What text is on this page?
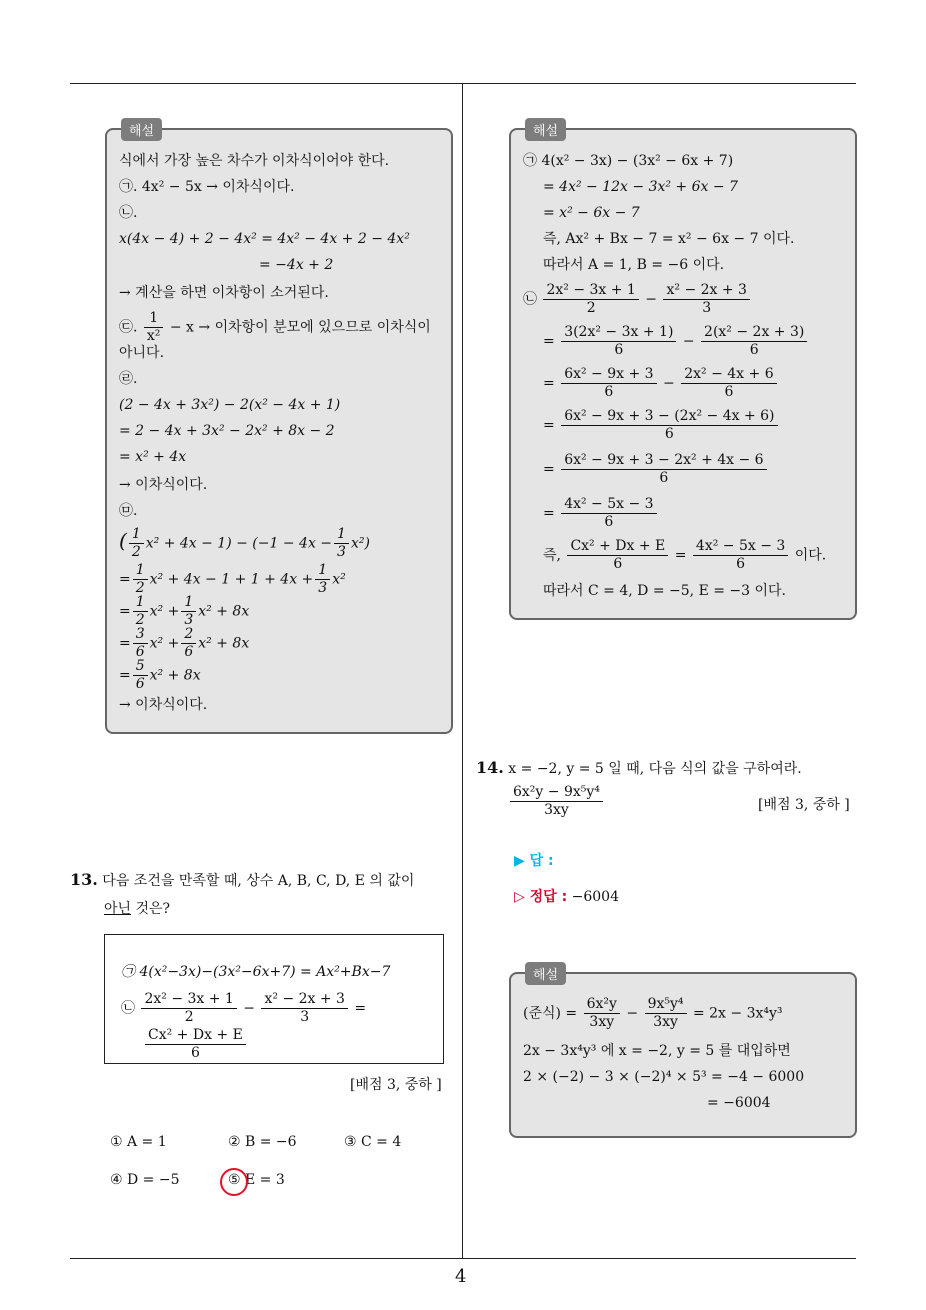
해설
식에서 가장 높은 차수가 이차식이어야 한다.
㉠. 4x² − 5x → 이차식이다.
㉡.
x(4x − 4) + 2 − 4x² = 4x² − 4x + 2 − 4x²
= −4x + 2
→ 계산을 하면 이차항이 소거된다.
㉢. $\frac{1}{\text{x²}} - x$ → 이차항이 분모에 있으므로 이차식이
아니다.
㉣.
(2 − 4x + 3x²) − 2(x² − 4x + 1)
= 2 − 4x + 3x² − 2x² + 8x − 2
= x² + 4x
→ 이차식이다.
㉤.
( $\frac{1}{2} x^2 + 4x - 1) - (-1 - 4x - \frac{1}{3} x^2)$
= $\frac{1}{2} x^2 + 4x - 1 + 1 + 4x + \frac{1}{3} x^2$
= $\frac{1}{2} x^2 + \frac{1}{3} x^2 + 8x$
= $\frac{3}{6} x^2 + \frac{2}{6} x^2 + 8x$
= $\frac{5}{6} x^2 + 8x$
→ 이차식이다.
해설
㉠ 4(x² − 3x) − (3x² − 6x + 7)
= 4x² − 12x − 3x² + 6x − 7
= x² − 6x − 7
즉, Ax² + Bx − 7 = x² − 6x − 7 이다.
따라서 A = 1, B = −6 이다.
㉡ $\frac{\text{2x² − 3x + 1}}{2} - \frac{\text{x² − 2x + 3}}{3}$
= $\frac{\text{3(2x² − 3x + 1)}}{6} - \frac{\text{2(x² − 2x + 3)}}{6}$
= $\frac{\text{6x² − 9x + 3}}{6} - \frac{\text{2x² − 4x + 6}}{6}$
= $\frac{\text{6x² − 9x + 3 − (2x² − 4x + 6)}}{6}$
= $\frac{\text{6x² − 9x + 3 − 2x² + 4x − 6}}{6}$
= $\frac{\text{4x² − 5x − 3}}{6}$
즉, $\frac{\text{Cx² + Dx + E}}{6} = \frac{\text{4x² − 5x − 3}}{6}$ 이다.
따라서 C = 4, D = −5, E = −3 이다.
13. 다음 조건을 만족할 때, 상수 A, B, C, D, E 의 값이
아닌 것은?
㉠ 4(x²−3x)−(3x²−6x+7) = Ax²+Bx−7
㉡ $\frac{\text{2x² − 3x + 1}}{2} - \frac{\text{x² − 2x + 3}}{3}$ =
$\frac{\text{Cx² + Dx + E}}{6}$
[배점 3, 중하 ]
① A = 1	② B = −6	③ C = 4
④ D = −5	⑤ E = 3
14. x = −2, y = 5 일 때, 다음 식의 값을 구하여라.
$\frac{\text{6x²y − 9x⁵y⁴}}{3xy}$	[배점 3, 중하 ]
▶ 답 :
▷ 정답 : −6004
해설
(준식) = $\frac{\text{6x²y}}{3xy} - \frac{\text{9x⁵y⁴}}{3xy} = 2x - 3x^4y^3$
2x − 3x⁴y³ 에 x = −2, y = 5 를 대입하면
2 × (−2) − 3 × (−2)⁴ × 5³ = −4 − 6000
= −6004
4
